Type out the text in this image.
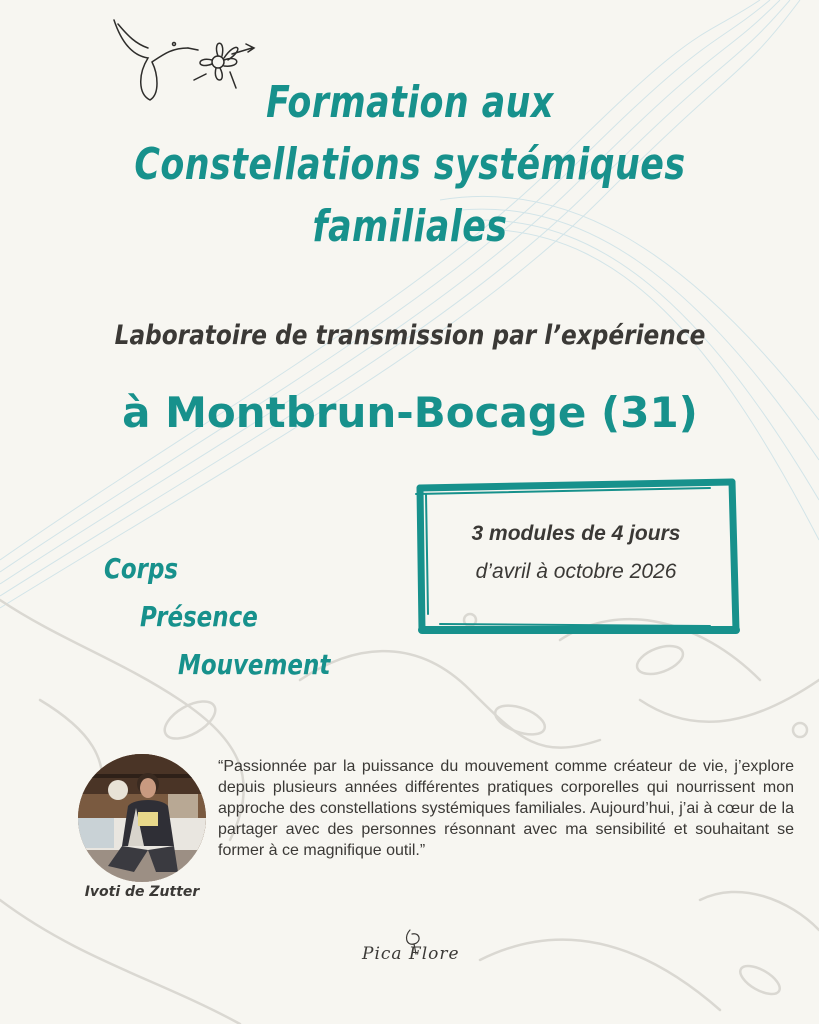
Formation aux
Constellations systémiques
familiales
Laboratoire de transmission par l’expérience
à Montbrun-Bocage (31)
3 modules de 4 jours
d’avril à octobre 2026
Corps
Présence
Mouvement
Ivoti de Zutter
“Passionnée par la puissance du mouvement comme créateur de vie, j’explore depuis plusieurs années différentes pratiques corporelles qui nourrissent mon approche des constellations systémiques familiales. Aujourd’hui, j’ai à cœur de la partager avec des personnes résonnant avec ma sensibilité et souhaitant se former à ce magnifique outil.”
Pica Flore
